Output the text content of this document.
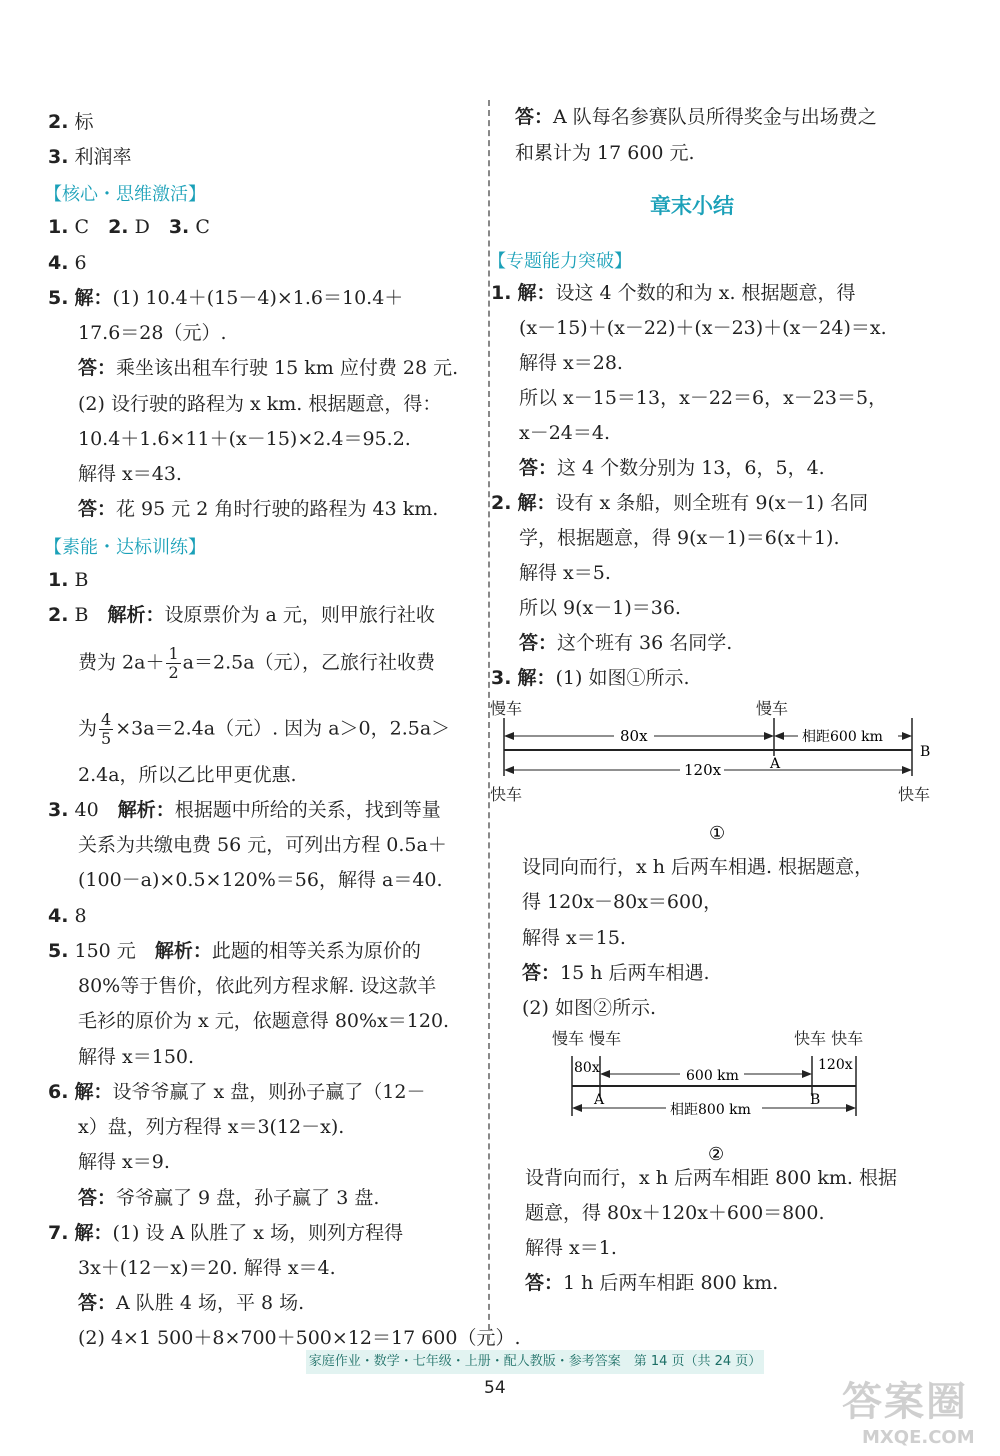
2. 标
3. 利润率
【核心・思维激活】
1. C　 2. D　 3. C
4. 6
5. 解：(1) 10.4＋(15－4)×1.6＝10.4＋
17.6＝28（元）.
答：乘坐该出租车行驶 15 km 应付费 28 元.
(2) 设行驶的路程为 x km. 根据题意，得：
10.4＋1.6×11＋(x－15)×2.4＝95.2.
解得 x＝43.
答：花 95 元 2 角时行驶的路程为 43 km.
【素能・达标训练】
1. B
2. B　 解析：设原票价为 a 元，则甲旅行社收
费为 $2a+ \frac{1}{2} a=2.5a$（元），乙旅行社收费
为 $\frac{4}{5} \times 3a=2.4a$（元）. 因为 a＞0，2.5a＞
2.4a，所以乙比甲更优惠.
3. 40　 解析：根据题中所给的关系，找到等量
关系为共缴电费 56 元，可列出方程 0.5a＋
(100－a)×0.5×120%＝56，解得 a＝40.
4. 8
5. 150 元　 解析：此题的相等关系为原价的
80%等于售价，依此列方程求解. 设这款羊
毛衫的原价为 x 元，依题意得 80%x＝120.
解得 x＝150.
6. 解：设爷爷赢了 x 盘，则孙子赢了（12－
x）盘，列方程得 x＝3(12－x).
解得 x＝9.
答：爷爷赢了 9 盘，孙子赢了 3 盘.
7. 解：(1) 设 A 队胜了 x 场，则列方程得
3x＋(12－x)＝20. 解得 x＝4.
答：A 队胜 4 场，平 8 场.
(2) 4×1 500＋8×700＋500×12＝17 600（元）.
答：A 队每名参赛队员所得奖金与出场费之
和累计为 17 600 元.
章末小结
【专题能力突破】
1. 解：设这 4 个数的和为 x. 根据题意，得
(x－15)＋(x－22)＋(x－23)＋(x－24)＝x.
解得 x＝28.
所以 x－15＝13，x－22＝6，x－23＝5，
x－24＝4.
答：这 4 个数分别为 13，6，5，4.
2. 解：设有 x 条船，则全班有 9(x－1) 名同
学，根据题意，得 9(x－1)＝6(x＋1).
解得 x＝5.
所以 9(x－1)＝36.
答：这个班有 36 名同学.
3. 解：(1) 如图①所示.
慢车	慢车
快车	快车
80x	相距600 km
A
B
120x
①
设同向而行，x h 后两车相遇. 根据题意，
得 120x－80x＝600，
解得 x＝15.
答：15 h 后两车相遇.
(2) 如图②所示.
慢车 慢车	快车 快车
80x	600 km
120x
A	B
相距800 km
②
设背向而行，x h 后两车相距 800 km. 根据
题意，得 80x＋120x＋600＝800.
解得 x＝1.
答：1 h 后两车相距 800 km.
家庭作业・数学・七年级・上册・配人教版・参考答案　第 14 页（共 24 页）
54	答案圈
MXQE.COM
